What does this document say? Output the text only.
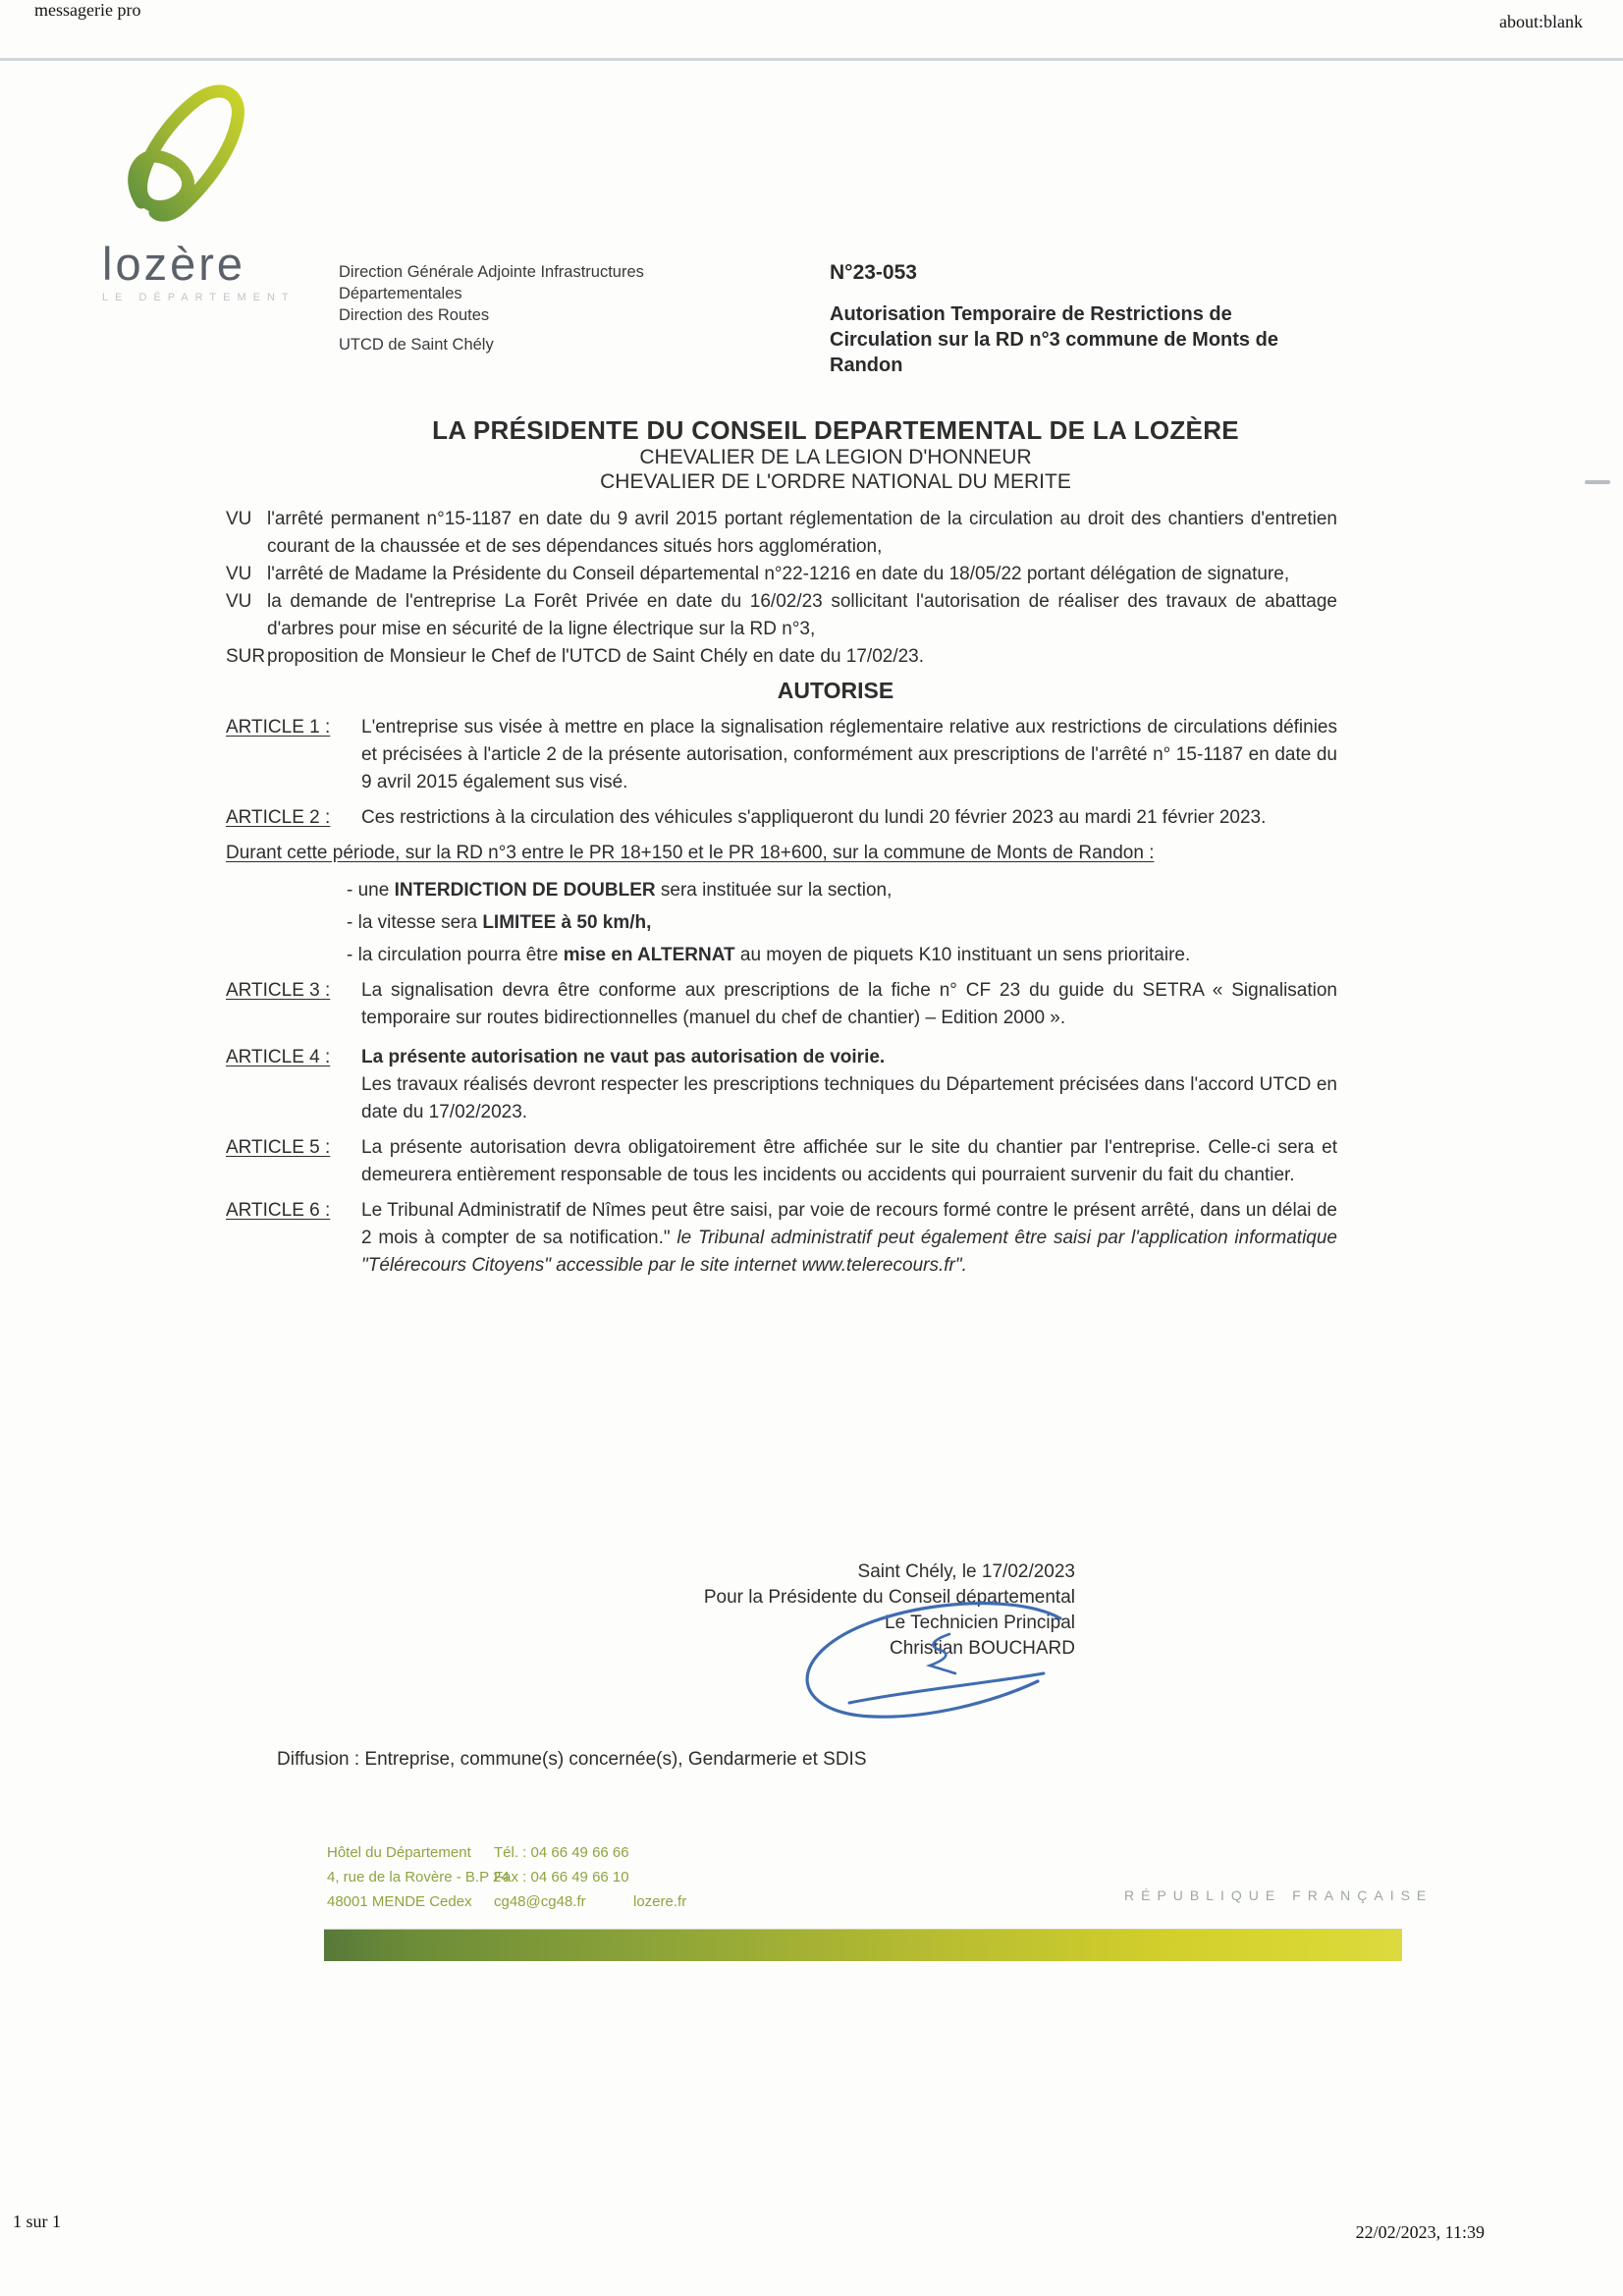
messagerie pro
about:blank
lozère
LE DÉPARTEMENT
Direction Générale Adjointe Infrastructures
Départementales
Direction des Routes
UTCD de Saint Chély
N°23-053
Autorisation Temporaire de Restrictions de Circulation sur la RD n°3 commune de Monts de Randon
LA PRÉSIDENTE DU CONSEIL DEPARTEMENTAL DE LA LOZÈRE
CHEVALIER DE LA LEGION D'HONNEUR
CHEVALIER DE L'ORDRE NATIONAL DU MERITE
VU l'arrêté permanent n°15-1187 en date du 9 avril 2015 portant réglementation de la circulation au droit des chantiers d'entretien courant de la chaussée et de ses dépendances situés hors agglomération,
VU l'arrêté de Madame la Présidente du Conseil départemental n°22-1216 en date du 18/05/22 portant délégation de signature,
VU la demande de l'entreprise La Forêt Privée en date du 16/02/23 sollicitant l'autorisation de réaliser des travaux de abattage d'arbres pour mise en sécurité de la ligne électrique sur la RD n°3,
SUR proposition de Monsieur le Chef de l'UTCD de Saint Chély en date du 17/02/23.
AUTORISE
ARTICLE 1 :	L'entreprise sus visée à mettre en place la signalisation réglementaire relative aux restrictions de circulations définies et précisées à l'article 2 de la présente autorisation, conformément aux prescriptions de l'arrêté n° 15-1187 en date du 9 avril 2015 également sus visé.
ARTICLE 2 :	Ces restrictions à la circulation des véhicules s'appliqueront du lundi 20 février 2023 au mardi 21 février 2023.
Durant cette période, sur la RD n°3 entre le PR 18+150 et le PR 18+600, sur la commune de Monts de Randon :
- une INTERDICTION DE DOUBLER sera instituée sur la section,
- la vitesse sera LIMITEE à 50 km/h,
- la circulation pourra être mise en ALTERNAT au moyen de piquets K10 instituant un sens prioritaire.
ARTICLE 3 :	La signalisation devra être conforme aux prescriptions de la fiche n° CF 23 du guide du SETRA « Signalisation temporaire sur routes bidirectionnelles (manuel du chef de chantier) – Edition 2000 ».
ARTICLE 4 :	La présente autorisation ne vaut pas autorisation de voirie.
Les travaux réalisés devront respecter les prescriptions techniques du Département précisées dans l'accord UTCD en date du 17/02/2023.
ARTICLE 5 :	La présente autorisation devra obligatoirement être affichée sur le site du chantier par l'entreprise. Celle-ci sera et demeurera entièrement responsable de tous les incidents ou accidents qui pourraient survenir du fait du chantier.
ARTICLE 6 :	Le Tribunal Administratif de Nîmes peut être saisi, par voie de recours formé contre le présent arrêté, dans un délai de 2 mois à compter de sa notification." le Tribunal administratif peut également être saisi par l'application informatique "Télérecours Citoyens" accessible par le site internet www.telerecours.fr".
Saint Chély, le 17/02/2023
Pour la Présidente du Conseil départemental
Le Technicien Principal
Christian BOUCHARD
Diffusion : Entreprise, commune(s) concernée(s), Gendarmerie et SDIS
Hôtel du Département
4, rue de la Rovère - B.P 24
48001 MENDE Cedex
Tél. : 04 66 49 66 66
Fax : 04 66 49 66 10
cg48@cg48.fr	lozere.fr	RÉPUBLIQUE FRANÇAISE
1 sur 1
22/02/2023, 11:39
